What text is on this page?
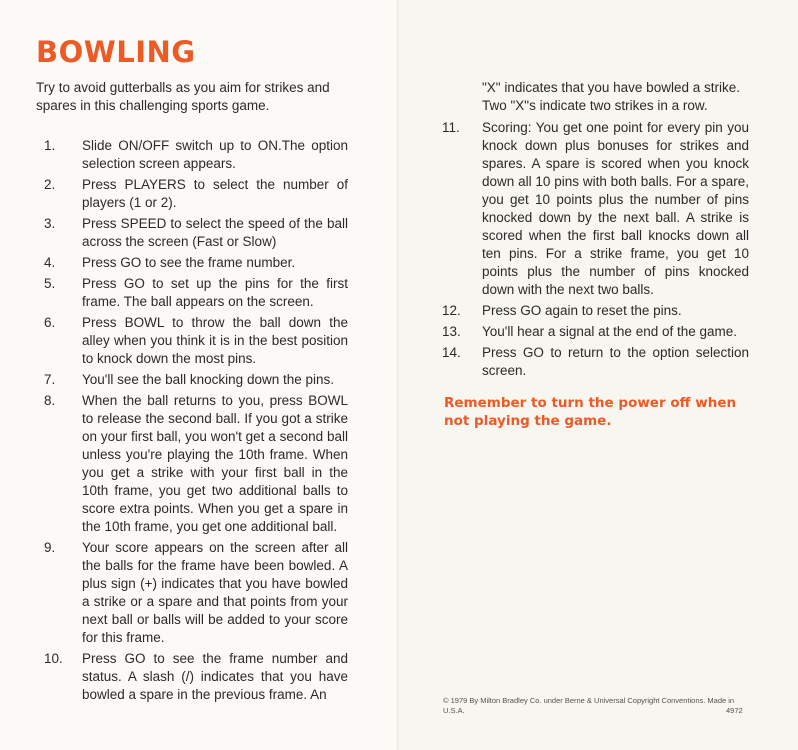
BOWLING

Try to avoid gutterballs as you aim for strikes and spares in this challenging sports game.

1.	Slide ON/OFF switch up to ON.The option selection screen appears.
2.	Press PLAYERS to select the number of players (1 or 2).
3.	Press SPEED to select the speed of the ball across the screen (Fast or Slow)
4.	Press GO to see the frame number.
5.	Press GO to set up the pins for the first frame. The ball appears on the screen.
6.	Press BOWL to throw the ball down the alley when you think it is in the best position to knock down the most pins.
7.	You'll see the ball knocking down the pins.
8.	When the ball returns to you, press BOWL to release the second ball. If you got a strike on your first ball, you won't get a second ball unless you're playing the 10th frame. When you get a strike with your first ball in the 10th frame, you get two additional balls to score extra points. When you get a spare in the 10th frame, you get one additional ball.
9.	Your score appears on the screen after all the balls for the frame have been bowled. A plus sign (+) indicates that you have bowled a strike or a spare and that points from your next ball or balls will be added to your score for this frame.
10.	Press GO to see the frame number and status. A slash (/) indicates that you have bowled a spare in the previous frame. An

"X" indicates that you have bowled a strike. Two "X"s indicate two strikes in a row.

11.	Scoring: You get one point for every pin you knock down plus bonuses for strikes and spares. A spare is scored when you knock down all 10 pins with both balls. For a spare, you get 10 points plus the number of pins knocked down by the next ball. A strike is scored when the first ball knocks down all ten pins. For a strike frame, you get 10 points plus the number of pins knocked down with the next two balls.
12.	Press GO again to reset the pins.
13.	You'll hear a signal at the end of the game.
14.	Press GO to return to the option selection screen.

Remember to turn the power off when not playing the game.

© 1979 By Milton Bradley Co. under Berne & Universal Copyright Conventions. Made in U.S.A.	4972
